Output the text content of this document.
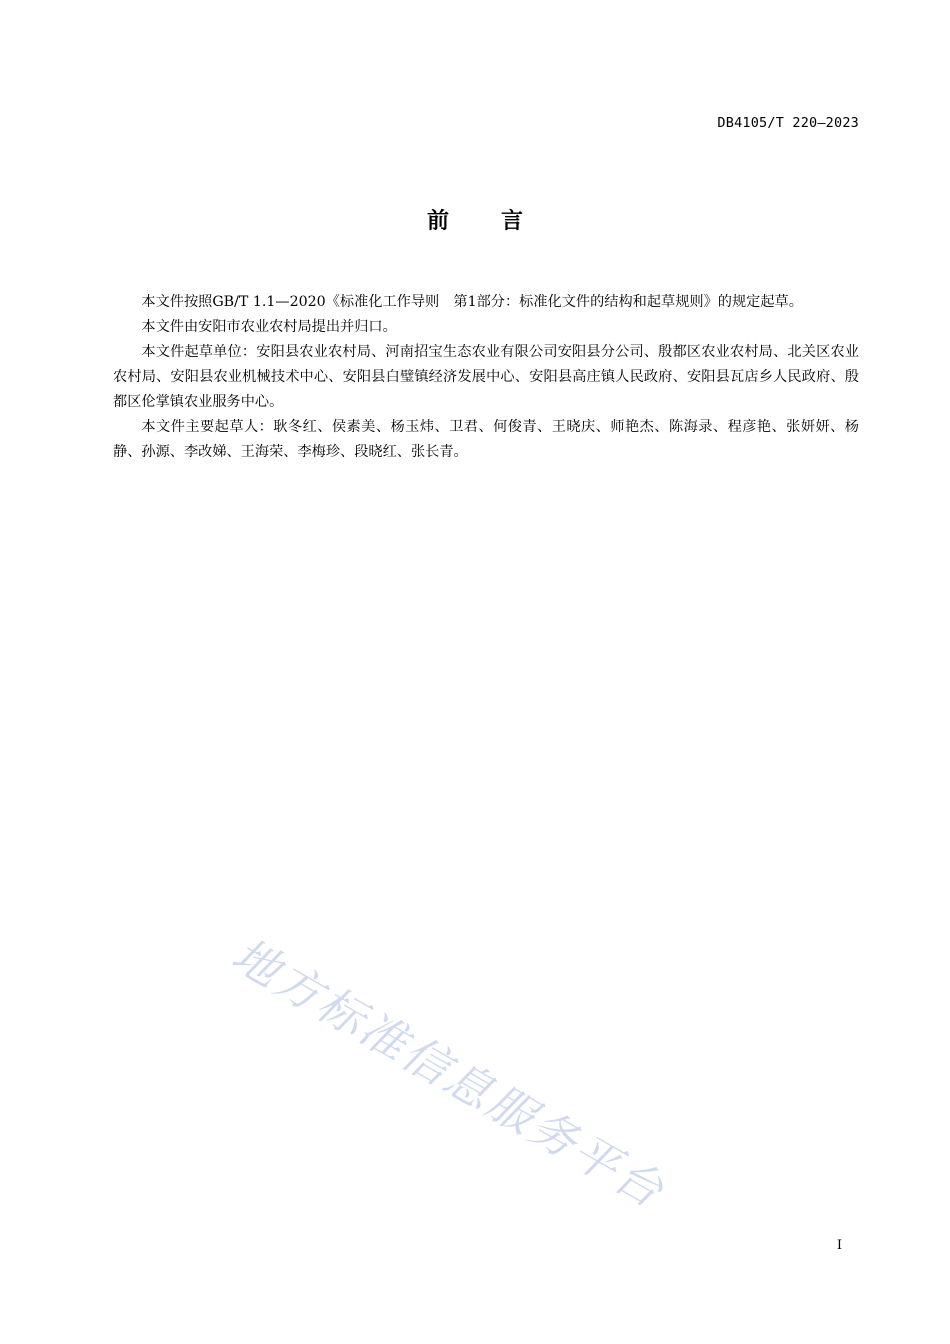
DB4105/T 220—2023
前 言

本文件按照GB/T 1.1—2020《标准化工作导则　第1部分：标准化文件的结构和起草规则》的规定起草。

本文件由安阳市农业农村局提出并归口。

本文件起草单位：安阳县农业农村局、河南招宝生态农业有限公司安阳县分公司、殷都区农业农村局、北关区农业农村局、安阳县农业机械技术中心、安阳县白璧镇经济发展中心、安阳县高庄镇人民政府、安阳县瓦店乡人民政府、殷都区伦掌镇农业服务中心。

本文件主要起草人：耿冬红、侯素美、杨玉炜、卫君、何俊青、王晓庆、师艳杰、陈海录、程彦艳、张妍妍、杨静、孙源、李改娣、王海荣、李梅珍、段晓红、张长青。

地方标准信息服务平台
I
